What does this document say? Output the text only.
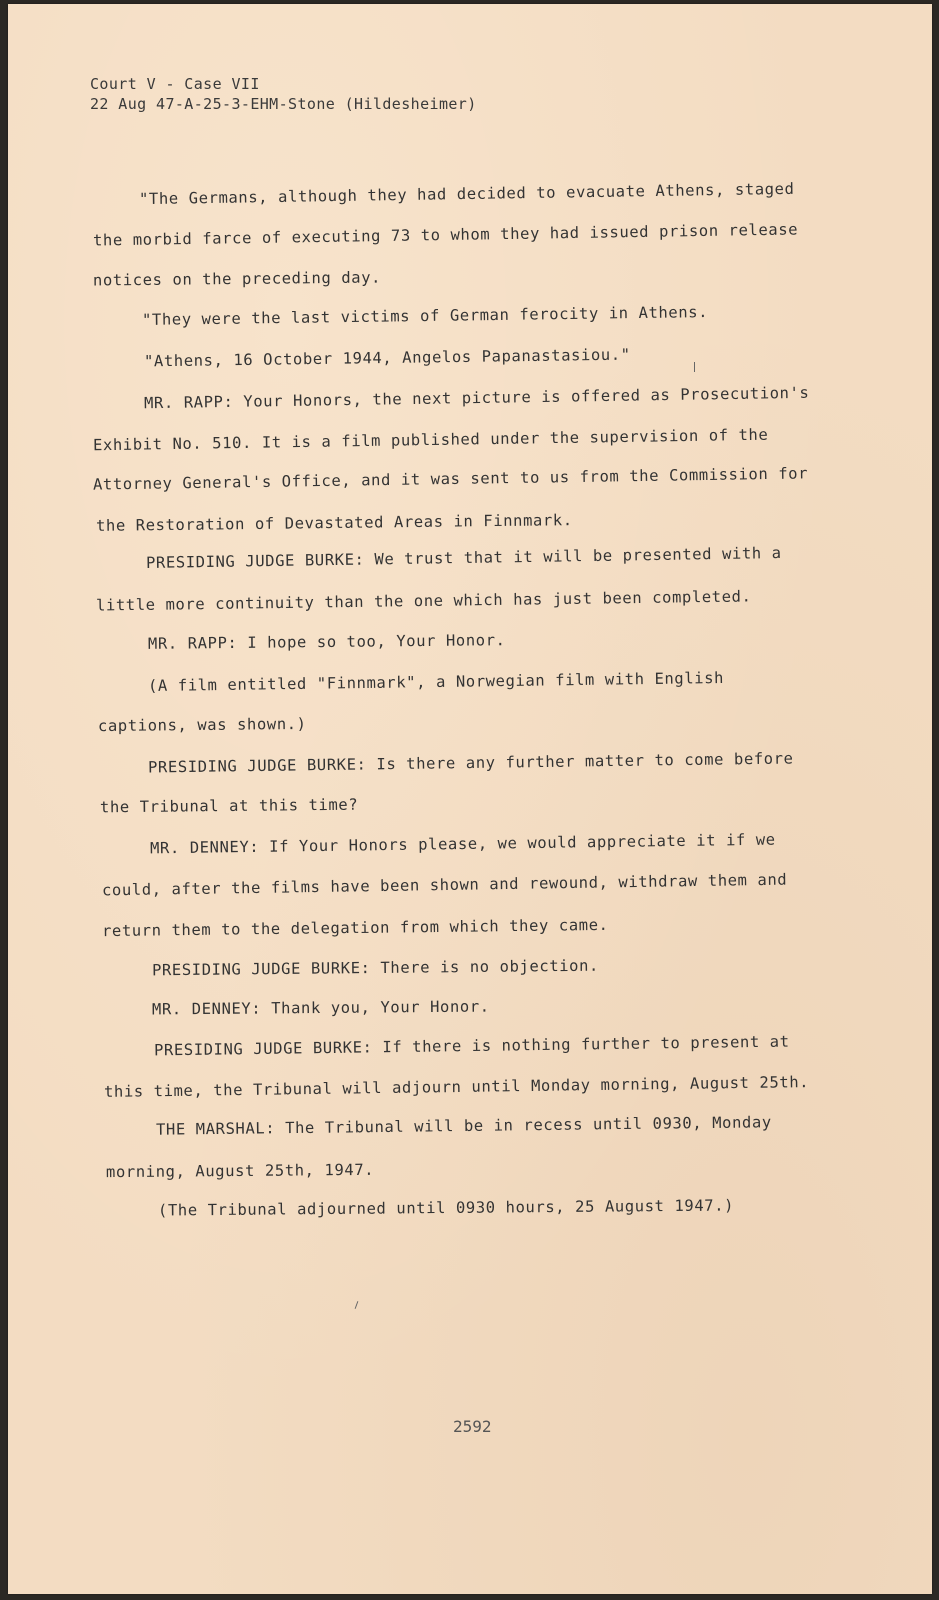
Court V - Case VII
22 Aug 47-A-25-3-EHM-Stone (Hildesheimer)

"The Germans, although they had decided to evacuate Athens, staged

the morbid farce of executing 73 to whom they had issued prison release

notices on the preceding day.

"They were the last victims of German ferocity in Athens.

"Athens, 16 October 1944, Angelos Papanastasiou."

MR. RAPP: Your Honors, the next picture is offered as Prosecution's

Exhibit No. 510. It is a film published under the supervision of the

Attorney General's Office, and it was sent to us from the Commission for

the Restoration of Devastated Areas in Finnmark.

PRESIDING JUDGE BURKE: We trust that it will be presented with a

little more continuity than the one which has just been completed.

MR. RAPP: I hope so too, Your Honor.

(A film entitled "Finnmark", a Norwegian film with English

captions, was shown.)

PRESIDING JUDGE BURKE: Is there any further matter to come before

the Tribunal at this time?

MR. DENNEY: If Your Honors please, we would appreciate it if we

could, after the films have been shown and rewound, withdraw them and

return them to the delegation from which they came.

PRESIDING JUDGE BURKE: There is no objection.

MR. DENNEY: Thank you, Your Honor.

PRESIDING JUDGE BURKE: If there is nothing further to present at

this time, the Tribunal will adjourn until Monday morning, August 25th.

THE MARSHAL: The Tribunal will be in recess until 0930, Monday

morning, August 25th, 1947.

(The Tribunal adjourned until 0930 hours, 25 August 1947.)

2592
